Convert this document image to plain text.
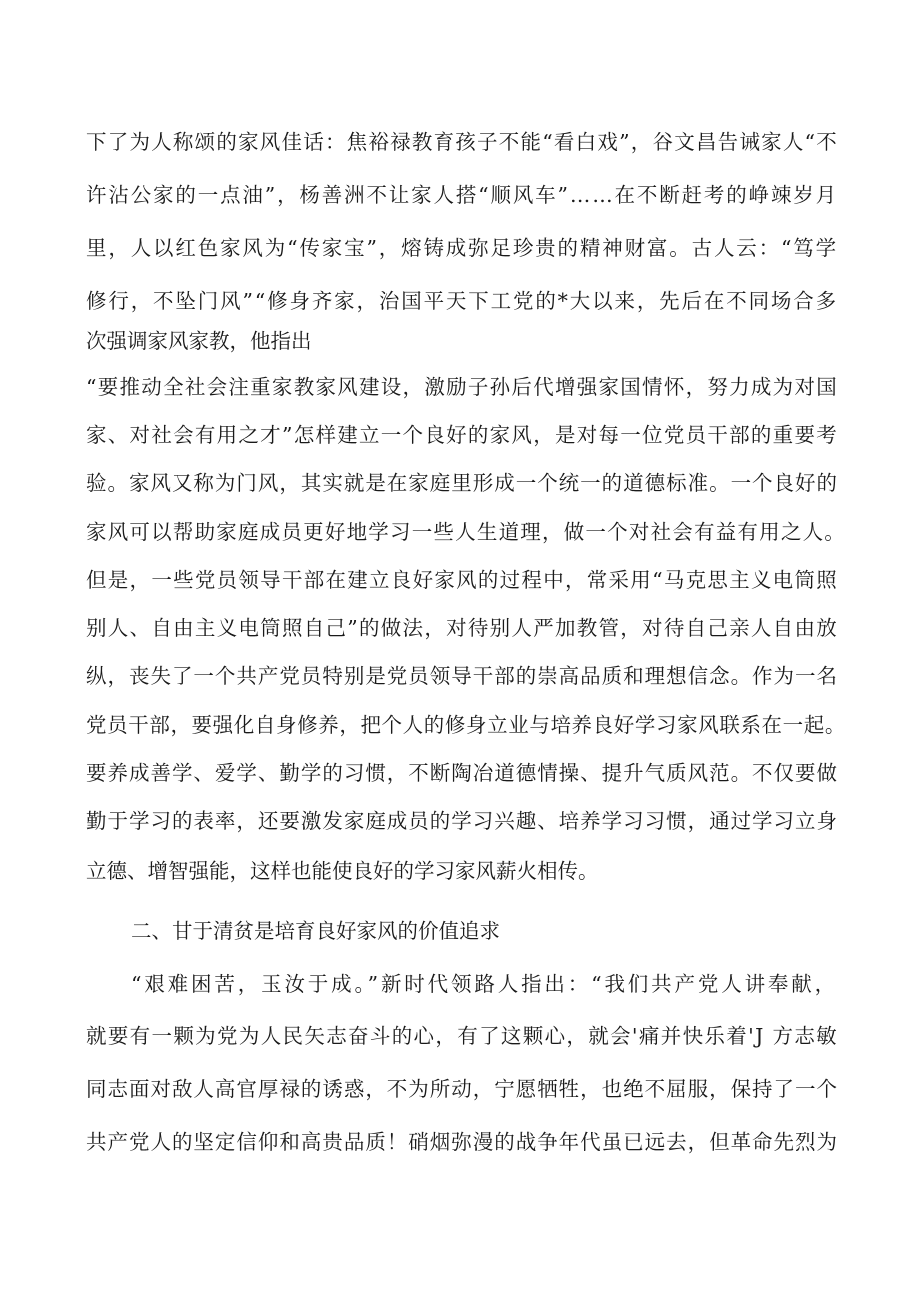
下了为人称颂的家风佳话：焦裕禄教育孩子不能“看白戏”，谷文昌告诫家人“不
许沾公家的一点油”，杨善洲不让家人搭“顺风车”……在不断赶考的峥竦岁月
里，人以红色家风为“传家宝”，熔铸成弥足珍贵的精神财富。古人云：“笃学
修行，不坠门风”“修身齐家，治国平天下工党的*大以来，先后在不同场合多
次强调家风家教，他指出
“要推动全社会注重家教家风建设，激励子孙后代增强家国情怀，努力成为对国
家、对社会有用之才”怎样建立一个良好的家风，是对每一位党员干部的重要考
验。家风又称为门风，其实就是在家庭里形成一个统一的道德标准。一个良好的
家风可以帮助家庭成员更好地学习一些人生道理，做一个对社会有益有用之人。
但是，一些党员领导干部在建立良好家风的过程中，常采用“马克思主义电筒照
别人、自由主义电筒照自己”的做法，对待别人严加教管，对待自己亲人自由放
纵，丧失了一个共产党员特别是党员领导干部的崇高品质和理想信念。作为一名
党员干部，要强化自身修养，把个人的修身立业与培养良好学习家风联系在一起。
要养成善学、爱学、勤学的习惯，不断陶冶道德情操、提升气质风范。不仅要做
勤于学习的表率，还要激发家庭成员的学习兴趣、培养学习习惯，通过学习立身
立德、增智强能，这样也能使良好的学习家风薪火相传。
二、甘于清贫是培育良好家风的价值追求
“艰难困苦，玉汝于成。”新时代领路人指出：“我们共产党人讲奉献，
就要有一颗为党为人民矢志奋斗的心，有了这颗心，就会'痛并快乐着'J 方志敏
同志面对敌人高官厚禄的诱惑，不为所动，宁愿牺牲，也绝不屈服，保持了一个
共产党人的坚定信仰和高贵品质！硝烟弥漫的战争年代虽已远去，但革命先烈为
